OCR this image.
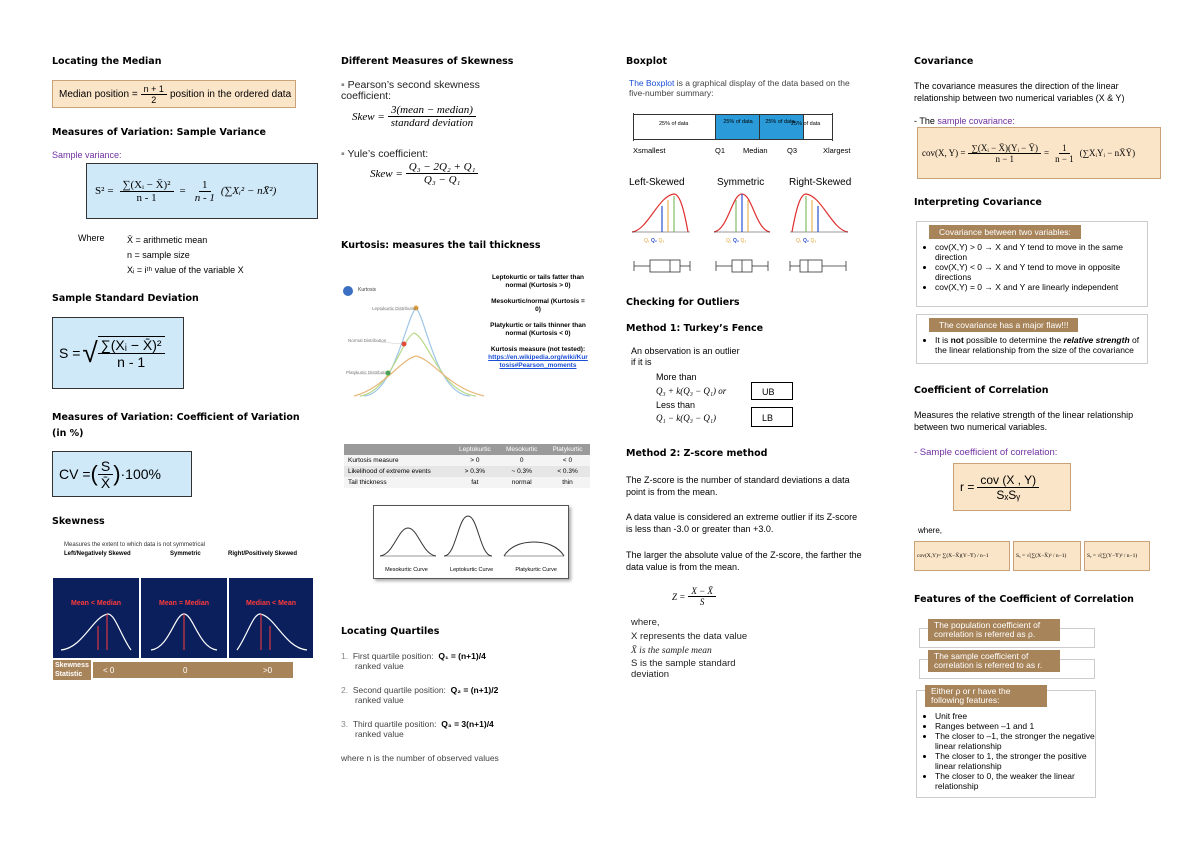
Locating the Median
Median position = $\frac{n + 1}{2}$ position in the ordered data
Measures of Variation: Sample Variance
Sample variance:
$S^2 = \frac{\text{∑(Xᵢ − X̄)²}}{n - 1} = \frac{1}{n - 1}$ (∑Xᵢ² − nX̄²)
Where X̄ = arithmetic mean
n = sample size
Xᵢ = iᵗʰ value of the variable X
Sample Standard Deviation
S = √ $\frac{\text{∑(Xᵢ − X̄)²}}{n - 1}$
Measures of Variation: Coefficient of Variation (in %)
CV = ( $\frac{S}{X̄}$ ) ·100%
Skewness
Measures the extent to which data is not symmetrical
Left/Negatively Skewed	Symmetric	Right/Positively Skewed
Mean < Median	Mean = Median	Median < Mean
Skewness Statistic	< 0	0	>0
Different Measures of Skewness
▪ Pearson’s second skewness coefficient:
Skew = $\frac{\text{3(mean − median)}}{\text{standard deviation}}$
▪ Yule’s coefficient:
Skew = $\frac{\text{Q₃ − 2Q₂ + Q₁}}{\text{Q₃ − Q₁}}$
Kurtosis: measures the tail thickness
Kurtosis
Leptokurtic Distribution
Normal Distribution
Platykurtic Distribution
Leptokurtic or tails fatter than normal (Kurtosis > 0)
Mesokurtic/normal (Kurtosis = 0)
Platykurtic or tails thinner than normal (Kurtosis < 0)
Kurtosis measure (not tested):
https://en.wikipedia.org/wiki/Kurtosis#Pearson_moments
	Leptokurtic	Mesokurtic	Platykurtic
Kurtosis measure	> 0	0	< 0
Likelihood of extreme events	> 0.3%	~ 0.3%	< 0.3%
Tail thickness	fat	normal	thin
Mesokurtic Curve	Leptokurtic Curve	Platykurtic Curve
Locating Quartiles
1.  First quartile position: Q₁ = (n+1)/4
ranked value
2.  Second quartile position: Q₂ = (n+1)/2
ranked value
3.  Third quartile position: Q₃ = 3(n+1)/4
ranked value
where n is the number of observed values
Boxplot
The Boxplot is a graphical display of the data based on the five-number summary:
25% of data	25% of data 25% of data
25% of data
Xsmallest	Q1 Median	Q3	Xlargest
Left-Skewed	Symmetric Right-Skewed
Q₁ Q₂ Q₃	Q₁ Q₂ Q₃	Q₁ Q₂ Q₃
Checking for Outliers
Method 1: Turkey’s Fence
An observation is an outlier if it is
More than
Q₃ + k(Q₃ − Q₁) or
Less than
Q₁ − k(Q₃ − Q₁)
UB
LB
Method 2: Z-score method
The Z-score is the number of standard deviations a data point is from the mean.
A data value is considered an extreme outlier if its Z-score is less than -3.0 or greater than +3.0.
The larger the absolute value of the Z-score, the farther the data value is from the mean.
$Z = \frac{X - X̄}{S}$
where,
X represents the data value
X̄ is the sample mean
S is the sample standard deviation
Covariance
The covariance measures the direction of the linear relationship between two numerical variables (X & Y)
- The sample covariance:
cov(X, $Y) = \frac{\text{∑(Xᵢ − X̄)(Yᵢ − Ȳ)}}{n - 1} = \frac{1}{n - 1}$ (∑XᵢYᵢ − nX̄Ȳ)
Interpreting Covariance
Covariance between two variables:
• cov(X,Y) > 0 → X and Y tend to move in the same direction
• cov(X,Y) < 0 → X and Y tend to move in opposite directions
• cov(X,Y) = 0 → X and Y are linearly independent
The covariance has a major flaw!!!
• It is not possible to determine the relative strength of the linear relationship from the size of the covariance
Coefficient of Correlation
Measures the relative strength of the linear relationship between two numerical variables.
- Sample coefficient of correlation:
$r = \frac{\text{cov (X , Y)}}{\text{SₓSᵧ}}$
where,
cov(X,Y)= ∑(X−X̄)(Y−Ȳ) / n−1	Sₓ = √(∑(X−X̄)² / n−1)	Sᵧ = √(∑(Y−Ȳ)² / n−1)
Features of the Coefficient of Correlation
The population coefficient of correlation is referred as ρ.
The sample coefficient of correlation is referred to as r.
Either ρ or r have the following features:
• Unit free
• Ranges between –1 and 1
• The closer to –1, the stronger the negative linear relationship
• The closer to 1, the stronger the positive linear relationship
• The closer to 0, the weaker the linear relationship
